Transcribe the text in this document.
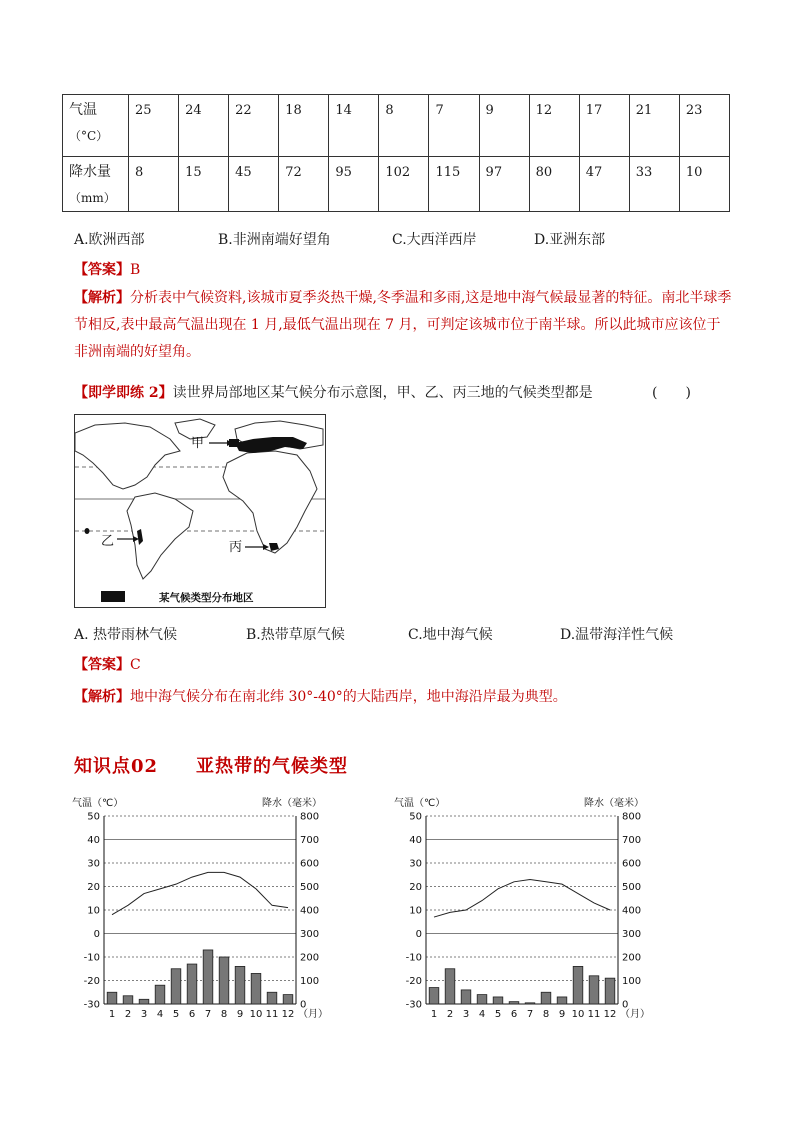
气温
（°C）	25	24	22	18	14	8	7	9	12	17	21	23
降水量
（mm）	8	15	45	72	95	102	115	97	80	47	33	10
A.欧洲西部	B.非洲南端好望角	C.大西洋西岸	D.亚洲东部
【答案】B
【解析】分析表中气候资料,该城市夏季炎热干燥,冬季温和多雨,这是地中海气候最显著的特征。南北半球季节相反,表中最高气温出现在 1 月,最低气温出现在 7 月，可判定该城市位于南半球。所以此城市应该位于非洲南端的好望角。
【即学即练 2】读世界局部地区某气候分布示意图，甲、乙、丙三地的气候类型都是	(　　)
甲
乙	丙
某气候类型分布地区
A. 热带雨林气候	B.热带草原气候	C.地中海气候	D.温带海洋性气候
【答案】C
【解析】地中海气候分布在南北纬 30°-40°的大陆西岸，地中海沿岸最为典型。
知识点02　　亚热带的气候类型
气温（℃）	降水（毫米）
50
40
30
20
10
0
-10
-20
-30
800
700
600
500
400
300
200
100
0
1 2 3 4 5 6 7 8 9 10 11 12 （月）
气温（℃）	降水（毫米）
50
40
30
20
10
0
-10
-20
-30
800
700
600
500
400
300
200
100
0
1 2 3 4 5 6 7 8 9 10 11 12 （月）
